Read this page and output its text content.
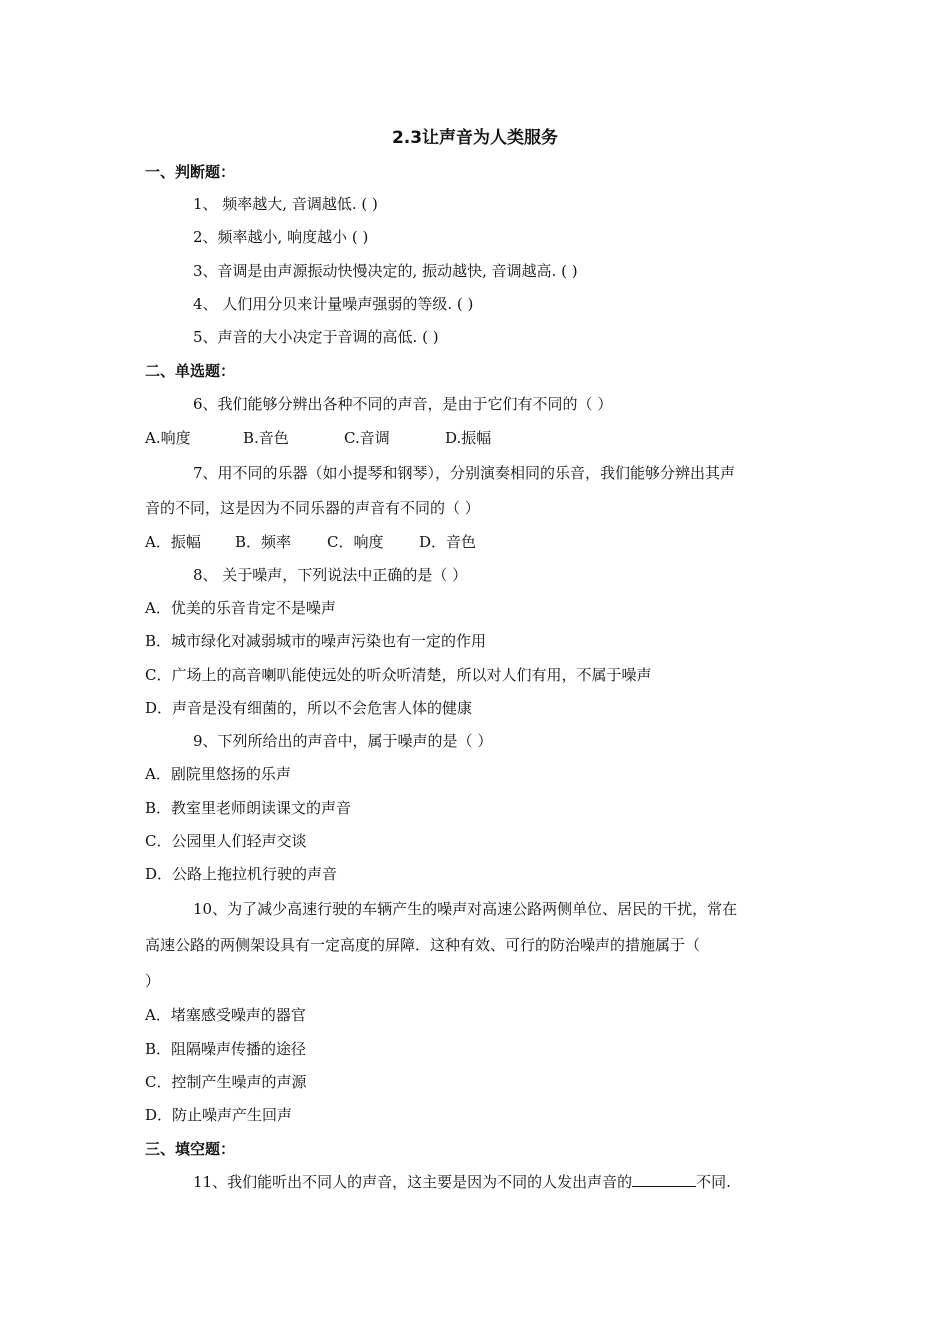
2.3让声音为人类服务
一、判断题：
1、 频率越大, 音调越低. ( )
2、频率越小, 响度越小 ( )
3、音调是由声源振动快慢决定的, 振动越快, 音调越高. ( )
4、 人们用分贝来计量噪声强弱的等级. ( )
5、声音的大小决定于音调的高低. ( )
二、单选题：
6、我们能够分辨出各种不同的声音，是由于它们有不同的（ ）
A.响度	B.音色	C.音调	D.振幅
7、用不同的乐器（如小提琴和钢琴），分别演奏相同的乐音，我们能够分辨出其声
音的不同，这是因为不同乐器的声音有不同的（ ）
A．振幅 B．频率 C．响度 D．音色
8、 关于噪声，下列说法中正确的是（ ）
A．优美的乐音肯定不是噪声
B．城市绿化对减弱城市的噪声污染也有一定的作用
C．广场上的高音喇叭能使远处的听众听清楚，所以对人们有用，不属于噪声
D．声音是没有细菌的，所以不会危害人体的健康
9、下列所给出的声音中，属于噪声的是（ ）
A．剧院里悠扬的乐声
B．教室里老师朗读课文的声音
C．公园里人们轻声交谈
D．公路上拖拉机行驶的声音
10、为了减少高速行驶的车辆产生的噪声对高速公路两侧单位、居民的干扰，常在
高速公路的两侧架设具有一定高度的屏障．这种有效、可行的防治噪声的措施属于（
）
A．堵塞感受噪声的器官
B．阻隔噪声传播的途径
C．控制产生噪声的声源
D．防止噪声产生回声
三、填空题：
11、我们能听出不同人的声音，这主要是因为不同的人发出声音的	不同.
